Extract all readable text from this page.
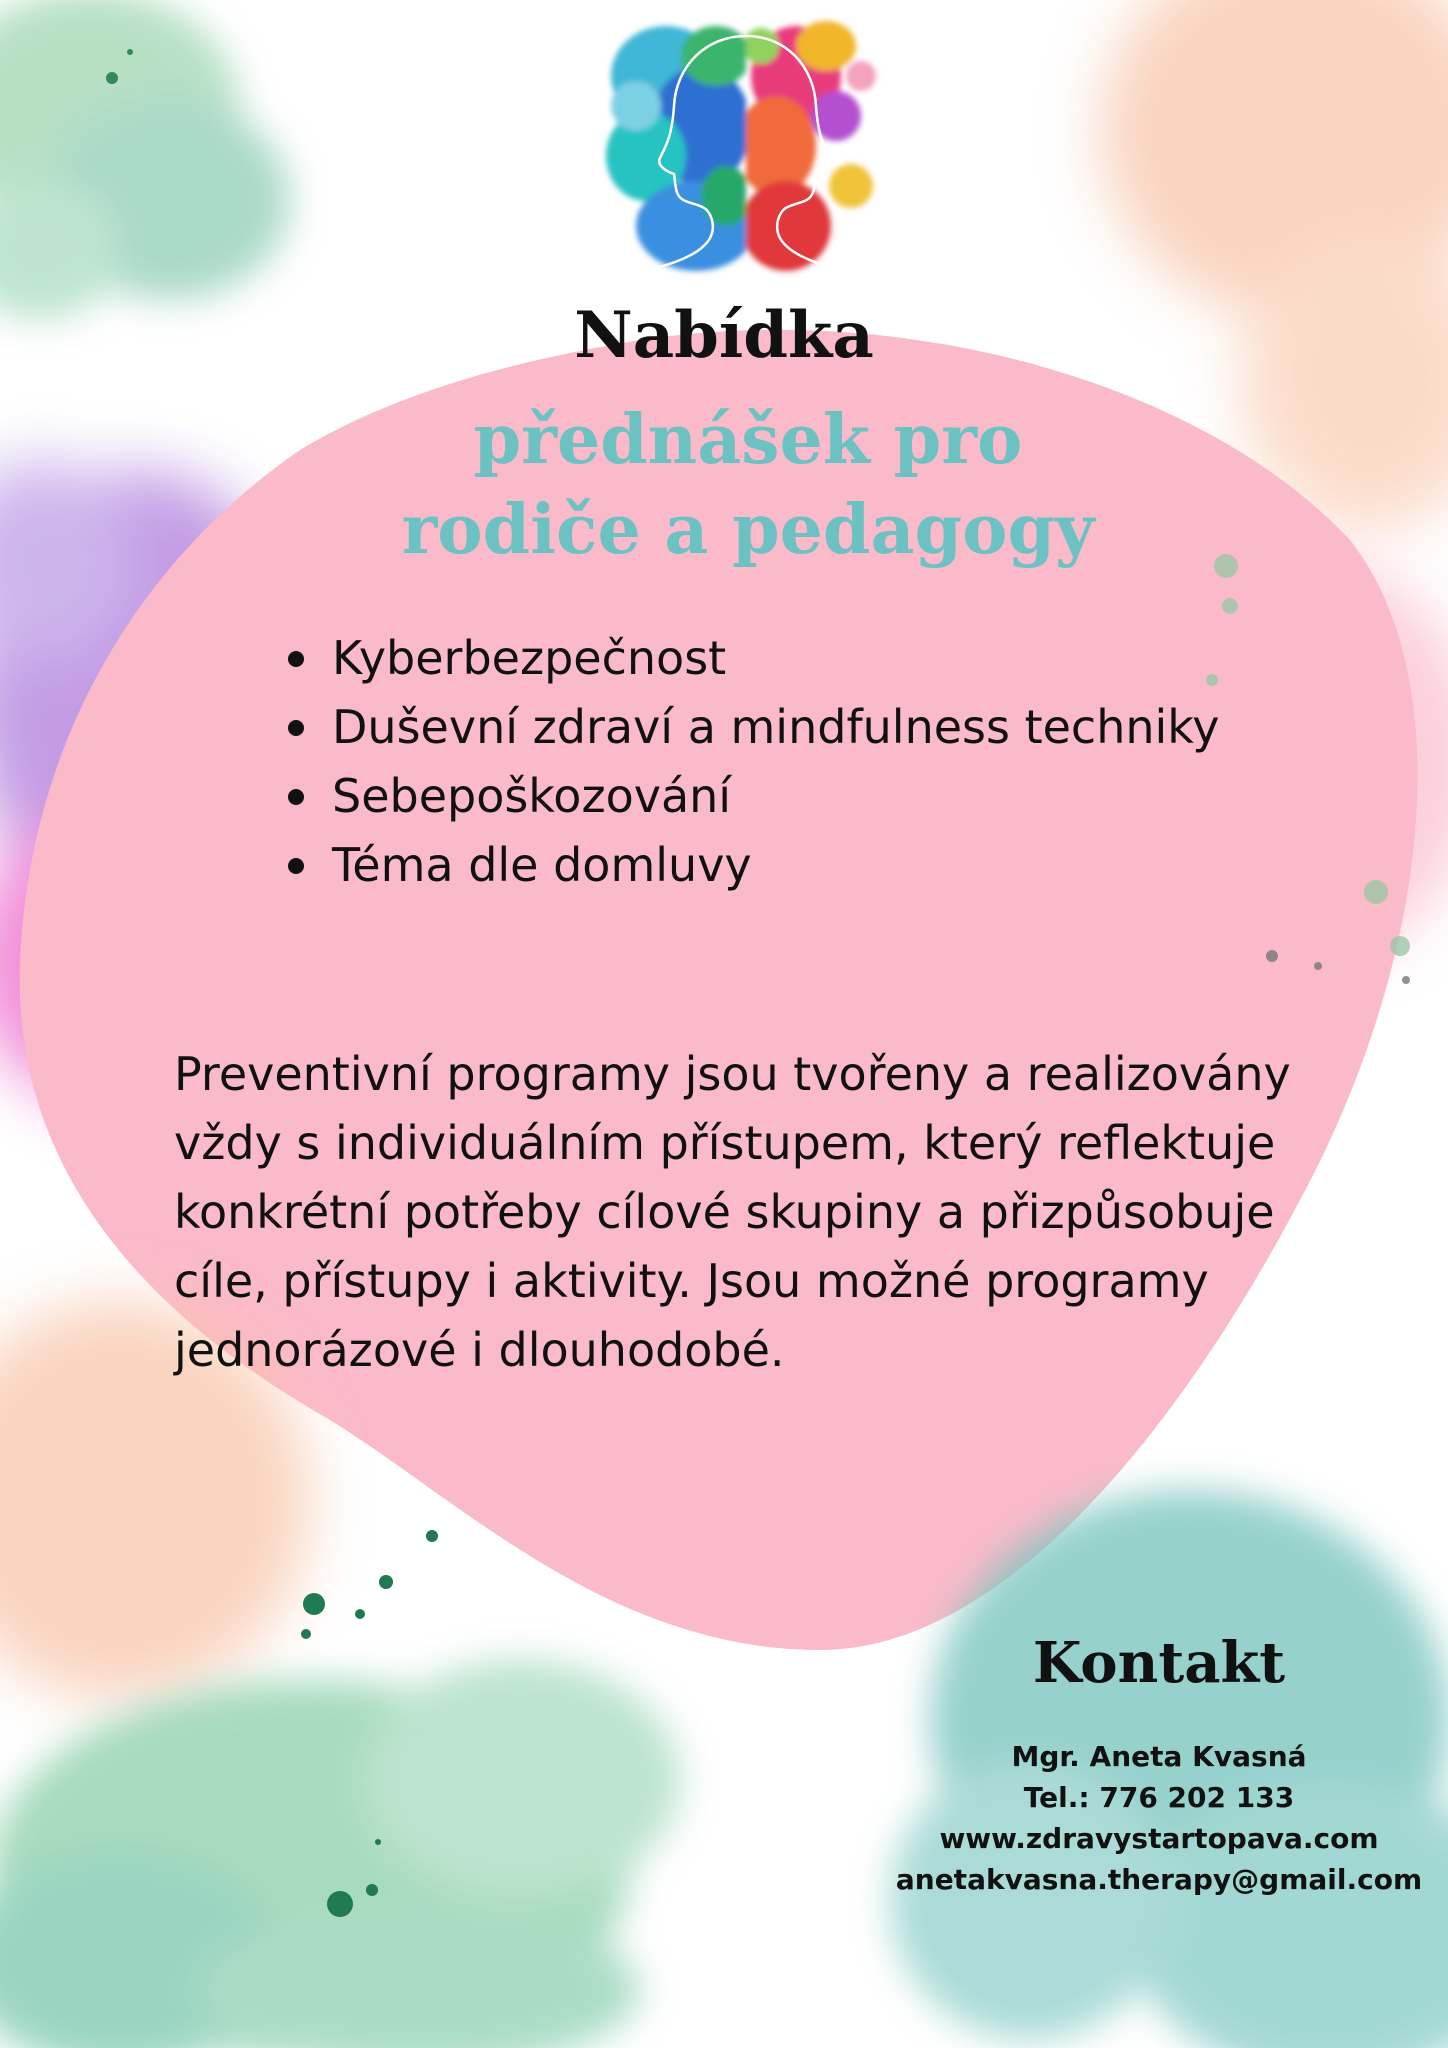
Nabídka
přednášek pro
rodiče a pedagogy
Kyberbezpečnost
Duševní zdraví a mindfulness techniky
Sebepoškozování
Téma dle domluvy
Preventivní programy jsou tvořeny a realizovány
vždy s individuálním přístupem, který reflektuje
konkrétní potřeby cílové skupiny a přizpůsobuje
cíle, přístupy i aktivity. Jsou možné programy
jednorázové i dlouhodobé.
Kontakt
Mgr. Aneta Kvasná
Tel.: 776 202 133
www.zdravystartopava.com
anetakvasna.therapy@gmail.com
